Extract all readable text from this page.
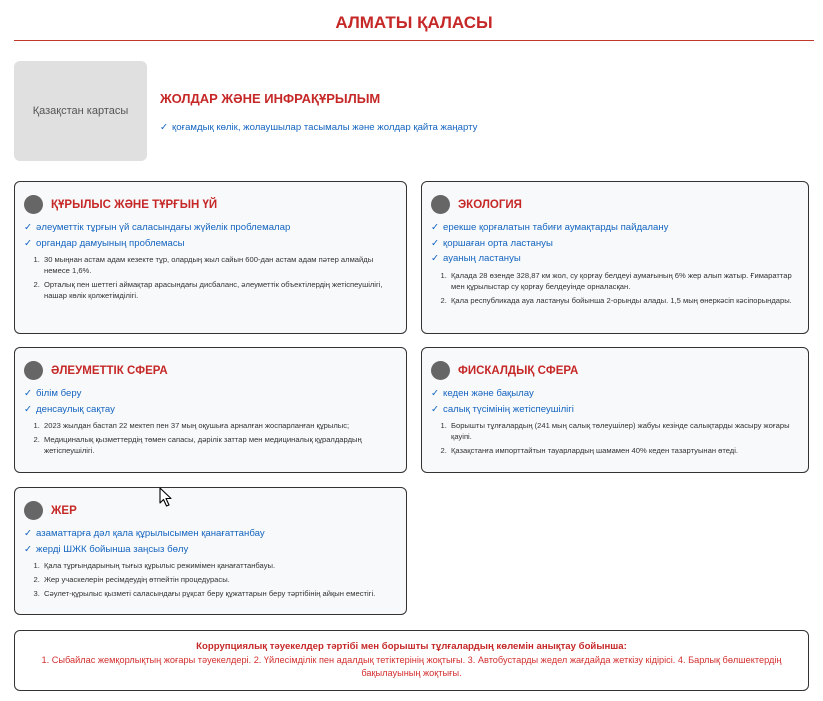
АЛМАТЫ ҚАЛАСЫ
Қазақстан картасы
ЖОЛДАР ЖӘНЕ ИНФРАҚҰРЫЛЫМ
✓ қоғамдық көлік, жолаушылар тасымалы және жолдар қайта жаңарту
ҚҰРЫЛЫС ЖӘНЕ ТҰРҒЫН ҮЙ
✓ әлеуметтік тұрғын үй саласындағы жүйелік проблемалар
✓ органдар дамуының проблемасы
1. 30 мыңнан астам адам кезекте тұр, олардың жыл сайын 600-дан астам адам пәтер алмайды немесе 1,6%.
2. Орталық пен шеттегі аймақтар арасындағы дисбаланс, әлеуметтік объектілердің жетіспеушілігі, нашар көлік қолжетімділігі.
ЭКОЛОГИЯ
✓ ерекше қорғалатын табиғи аумақтарды пайдалану
✓ қоршаған орта ластануы
✓ ауаның ластануы
1. Қалада 28 өзенде 328,87 км жол, су қорғау белдеуі аумағының 6% жер алып жатыр. Ғимараттар мен құрылыстар су қорғау белдеуінде орналасқан.
2. Қала республикада ауа ластануы бойынша 2-орынды алады. 1,5 мың өнеркәсіп кәсіпорындары.
ӘЛЕУМЕТТІК СФЕРА
✓ білім беру
✓ денсаулық сақтау
1. 2023 жылдан бастап 22 мектеп пен 37 мың оқушыға арналған жоспарланған құрылыс;
2. Медициналық қызметтердің төмен сапасы, дәрілік заттар мен медициналық құралдардың жетіспеушілігі.
ФИСКАЛДЫҚ СФЕРА
✓ кеден және бақылау
✓ салық түсімінің жетіспеушілігі
1. Борышты тұлғалардың (241 мың салық төлеушілер) жабуы кезінде салықтарды жасыру жоғары қауіпі.
2. Қазақстанға импорттайтын тауарлардың шамамен 40% кеден тазартуынан өтеді.
ЖЕР
✓ азаматтарға дәл қала құрылысымен қанағаттанбау
✓ жерді ШЖК бойынша заңсыз бөлу
1. Қала тұрғындарының тығыз құрылыс режимімен қанағаттанбауы.
2. Жер учаскелерін ресімдеудің өтпейтін процедурасы.
3. Сәулет-құрылыс қызметі саласындағы рұқсат беру құжаттарын беру тәртібінің айқын еместігі.
Коррупциялық тәуекелдер тәртібі мен борышты тұлғалардың көлемін анықтау бойынша:
1. Сыбайлас жемқорлықтың жоғары тәуекелдері. 2. Үйлесімділік пен адалдық тетіктерінің жоқтығы. 3. Автобустарды жедел жағдайда жеткізу кідірісі. 4. Барлық бөлшектердің бақылауының жоқтығы.
